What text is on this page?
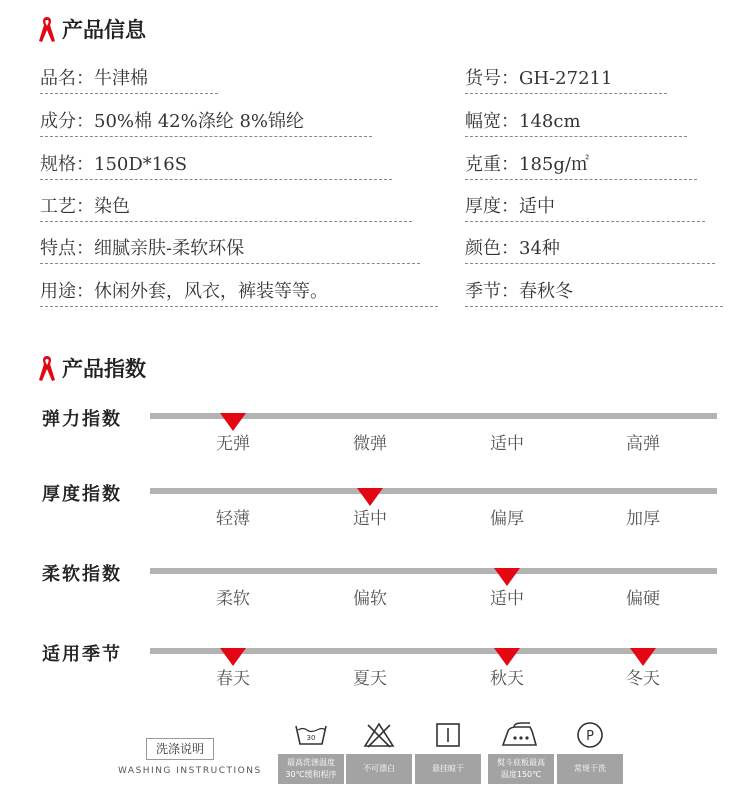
产品信息
品名：牛津棉
成分：50%棉 42%涤纶 8%锦纶
规格：150D*16S
工艺：染色
特点：细腻亲肤-柔软环保
用途：休闲外套，风衣，裤装等等。
货号：GH-27211
幅宽：148cm
克重：185g/㎡
厚度：适中
颜色：34种
季节：春秋冬
产品指数
弹力指数
无弹	微弹	适中	高弹
厚度指数
轻薄	适中	偏厚	加厚
柔软指数
柔软	偏软	适中	偏硬
适用季节
春天	夏天	秋天	冬天
洗涤说明
WASHING INSTRUCTIONS
30
最高洗涤温度
30℃缓和程序
不可漂白	悬挂晾干
熨斗底板最高
温度150℃
P
常规干洗
